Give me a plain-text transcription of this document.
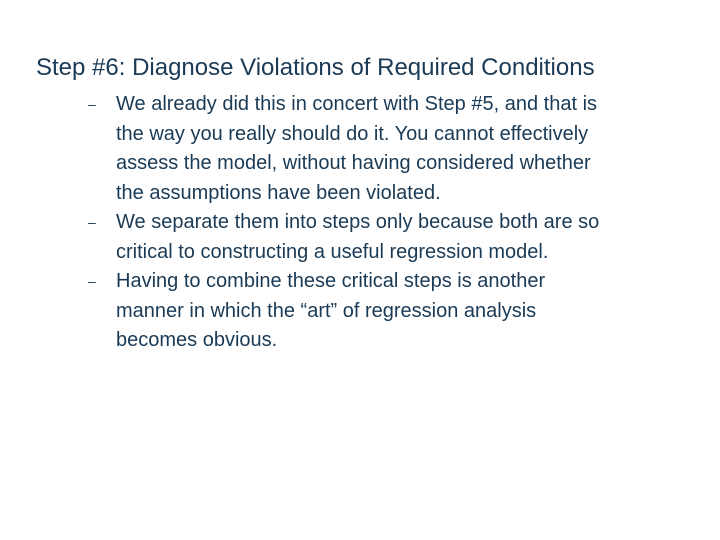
Step #6: Diagnose Violations of Required Conditions
– We already did this in concert with Step #5, and that is
the way you really should do it. You cannot effectively
assess the model, without having considered whether
the assumptions have been violated.
– We separate them into steps only because both are so
critical to constructing a useful regression model.
– Having to combine these critical steps is another
manner in which the “art” of regression analysis
becomes obvious.
